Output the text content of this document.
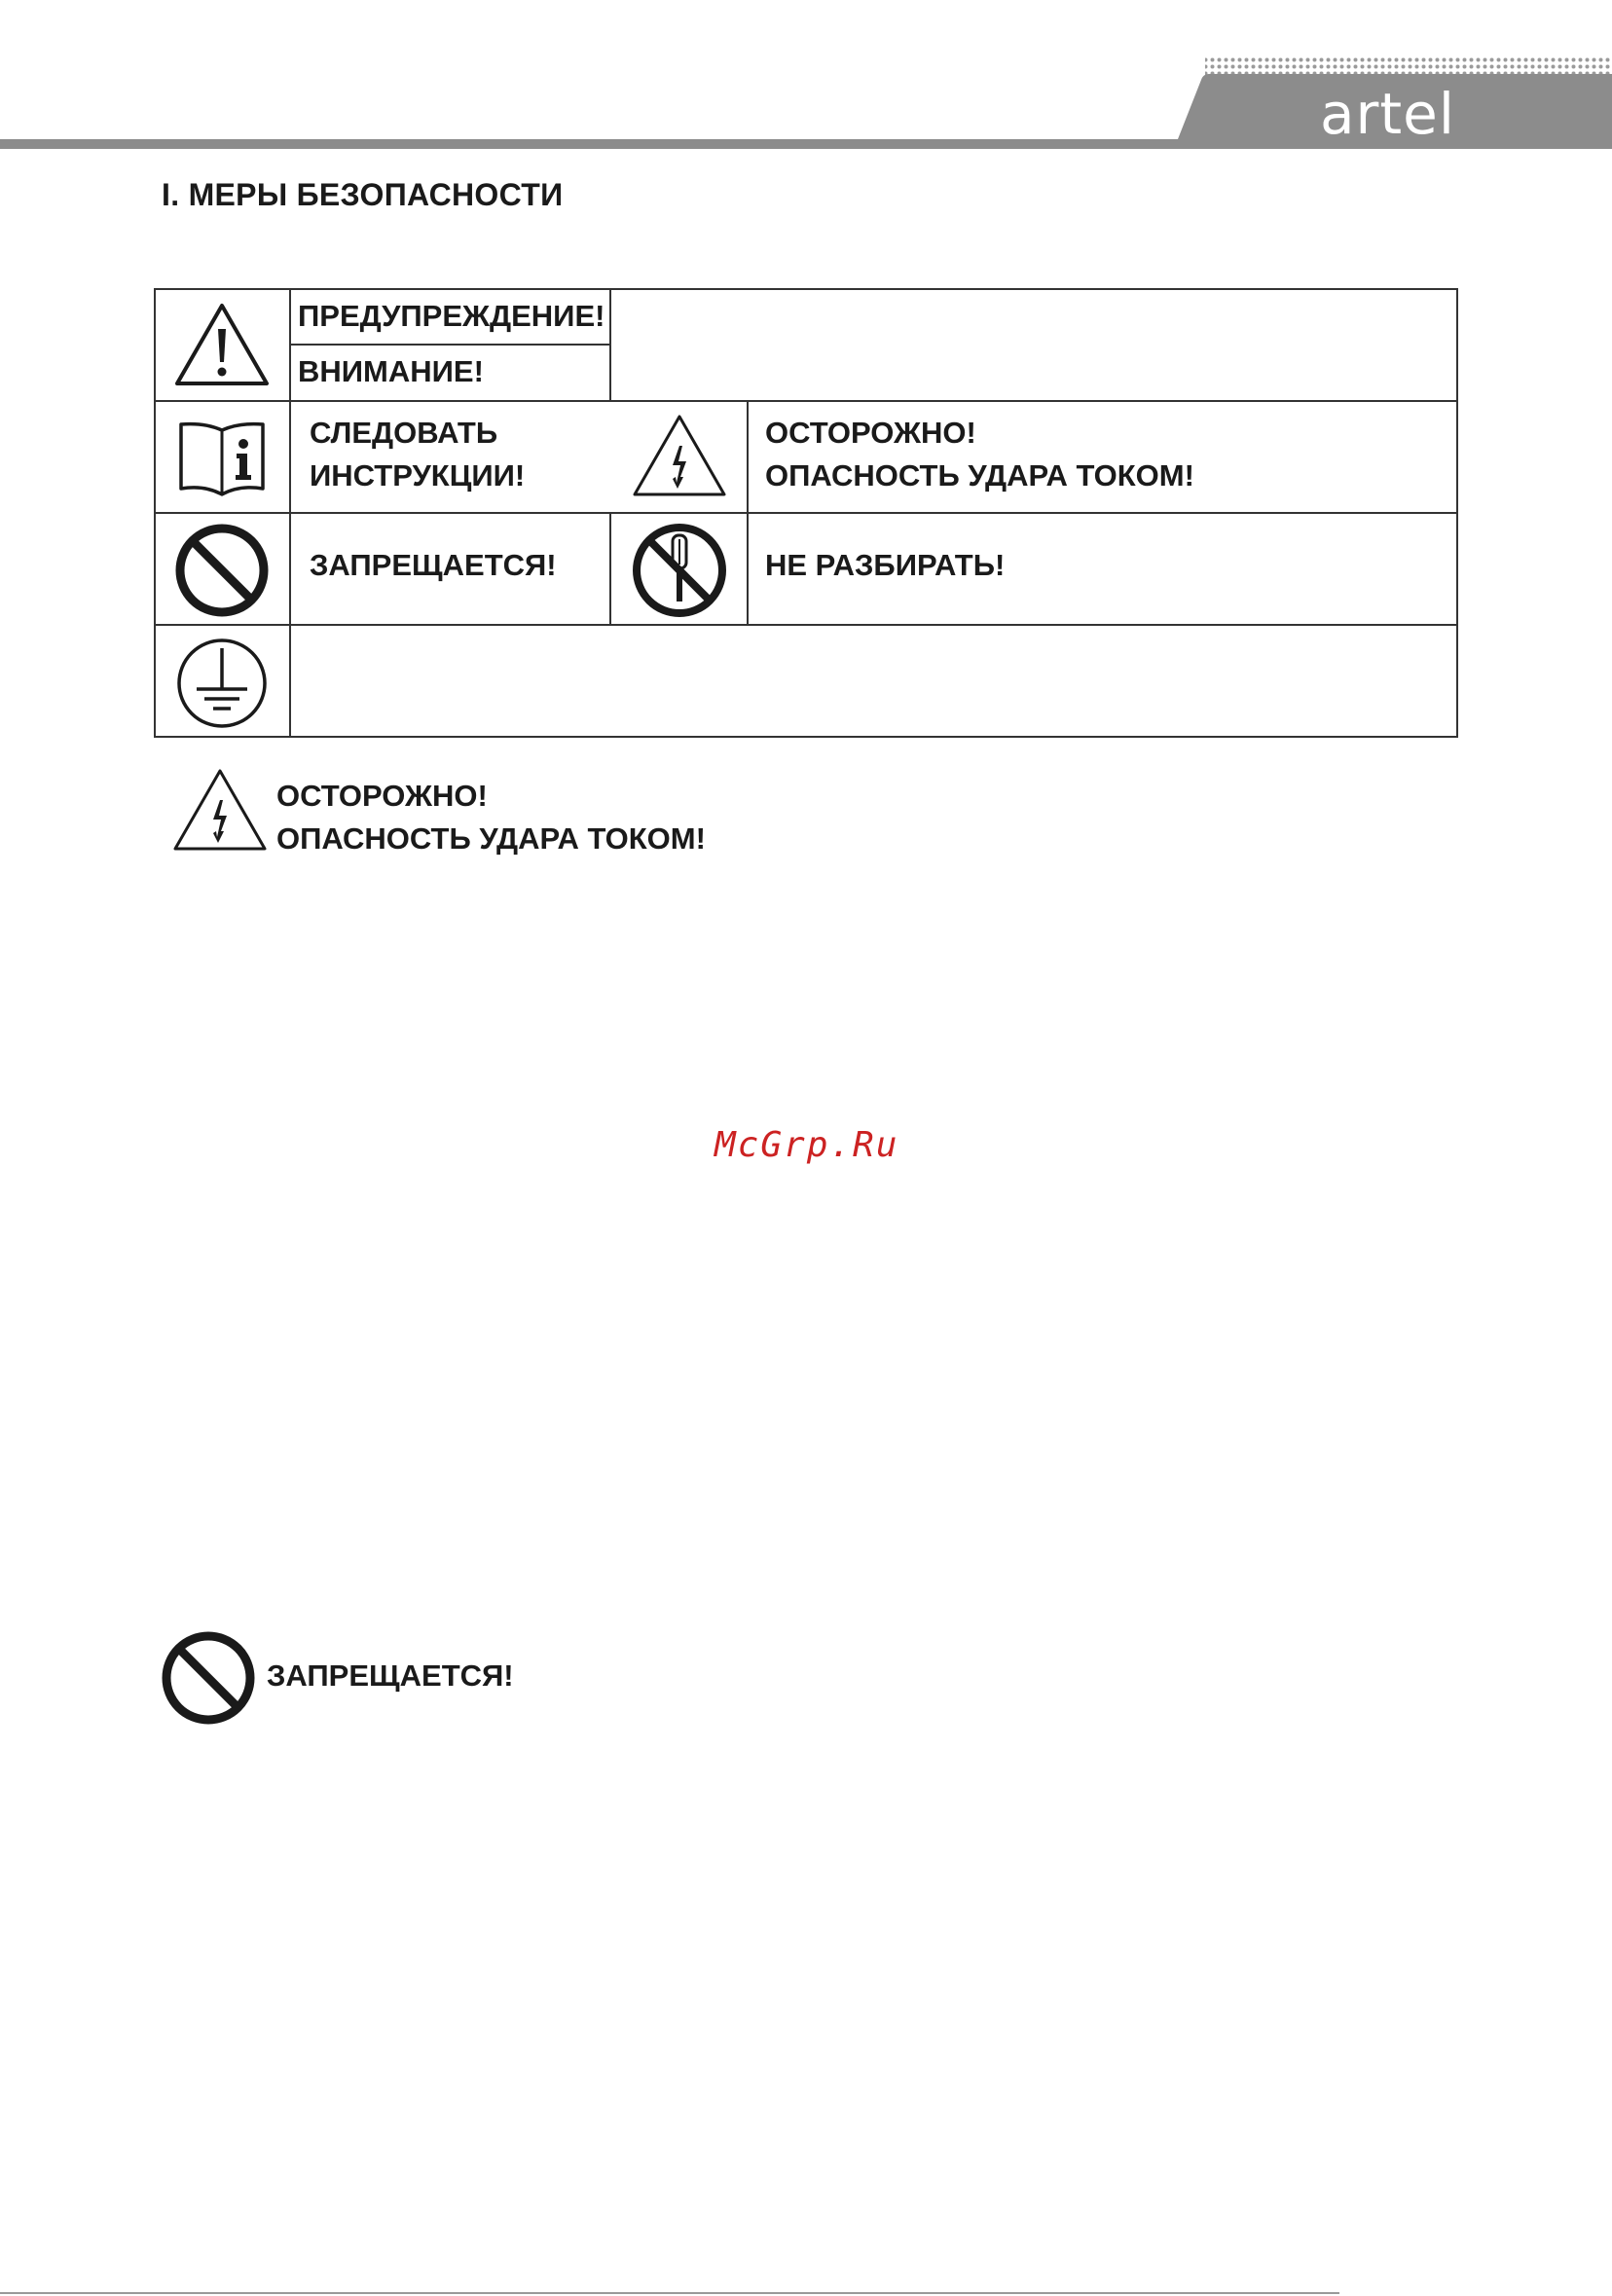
artel
I. МЕРЫ БЕЗОПАСНОСТИ
ПРЕДУПРЕЖДЕНИЕ!
ВНИМАНИЕ!
СЛЕДОВАТЬ
ИНСТРУКЦИИ!
ОСТОРОЖНО!
ОПАСНОСТЬ УДАРА ТОКОМ!
ЗАПРЕЩАЕТСЯ!	НЕ РАЗБИРАТЬ!
ОСТОРОЖНО!
ОПАСНОСТЬ УДАРА ТОКОМ!
McGrp.Ru
ЗАПРЕЩАЕТСЯ!
